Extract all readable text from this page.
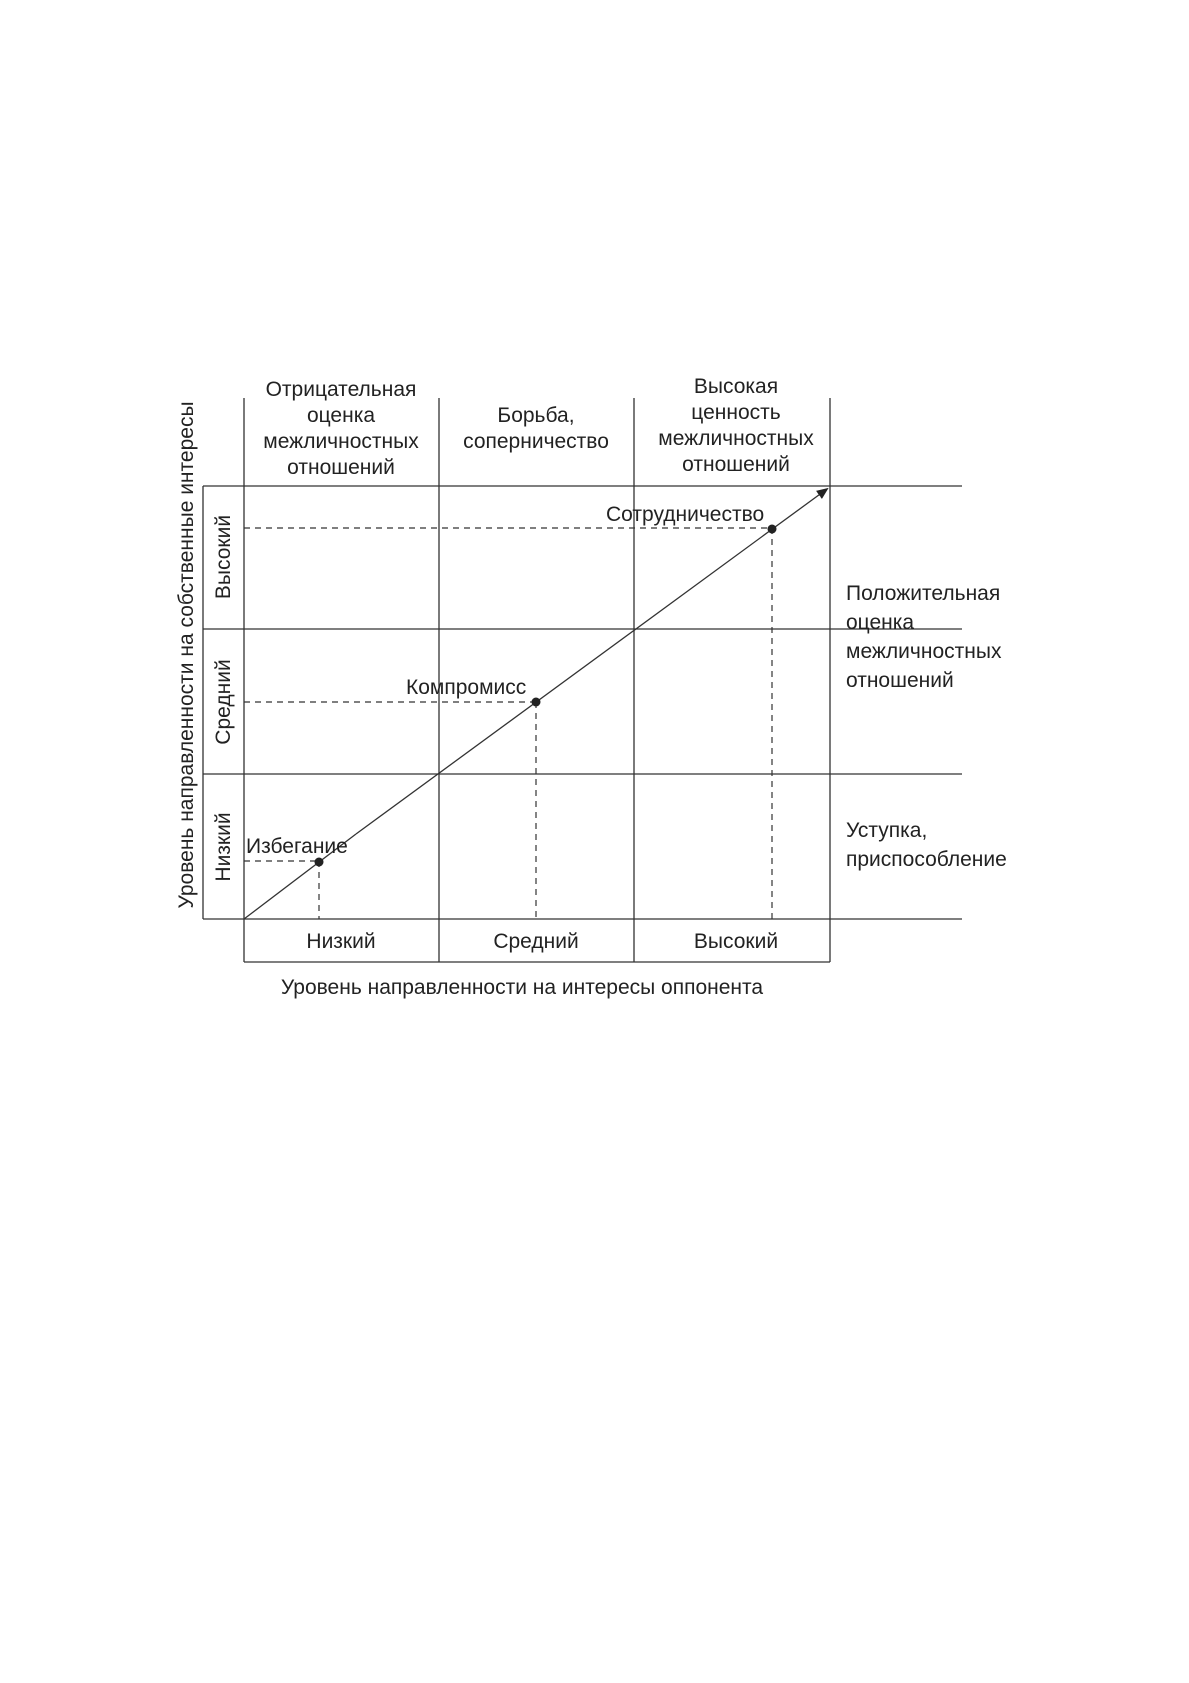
Избегание
Компромисс
Сотрудничество
Отрицательная
оценка
межличностных
отношений
Борьба,
соперничество
Высокая
ценность
межличностных
отношений
Положительная
оценка
межличностных
отношений
Уступка,
приспособление
Высокий
Средний
Низкий
Уровень направленности на собственные интересы
Низкий	Средний	Высокий
Уровень направленности на интересы оппонента
